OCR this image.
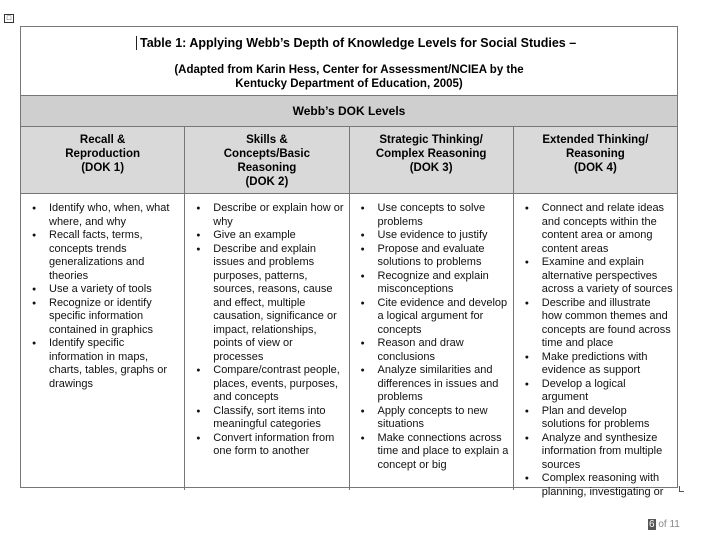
□
Table 1: Applying Webb’s Depth of Knowledge Levels for Social Studies –
(Adapted from Karin Hess, Center for Assessment/NCIEA by the
Kentucky Department of Education, 2005)
Webb’s DOK Levels
Recall &
Reproduction
(DOK 1)
Skills &
Concepts/Basic
Reasoning
(DOK 2)
Strategic Thinking/
Complex Reasoning
(DOK 3)
Extended Thinking/
Reasoning
(DOK 4)
● Identify who, when, what where, and why
● Recall facts, terms, concepts trends generalizations and theories
● Use a variety of tools
● Recognize or identify specific information contained in graphics
● Identify specific information in maps, charts, tables, graphs or drawings
● Describe or explain how or why
● Give an example
● Describe and explain issues and problems purposes, patterns, sources, reasons, cause and effect, multiple causation, significance or impact, relationships, points of view or processes
● Compare/contrast people, places, events, purposes, and concepts
● Classify, sort items into meaningful categories
● Convert information from one form to another
● Use concepts to solve problems
● Use evidence to justify
● Propose and evaluate solutions to problems
● Recognize and explain misconceptions
● Cite evidence and develop a logical argument for concepts
● Reason and draw conclusions
● Analyze similarities and differences in issues and problems
● Apply concepts to new situations
● Make connections across time and place to explain a concept or big
● Connect and relate ideas and concepts within the content area or among content areas
● Examine and explain alternative perspectives across a variety of sources
● Describe and illustrate how common themes and concepts are found across time and place
● Make predictions with evidence as support
● Develop a logical argument
● Plan and develop solutions for problems
● Analyze and synthesize information from multiple sources
● Complex reasoning with planning, investigating or
6 of 11
